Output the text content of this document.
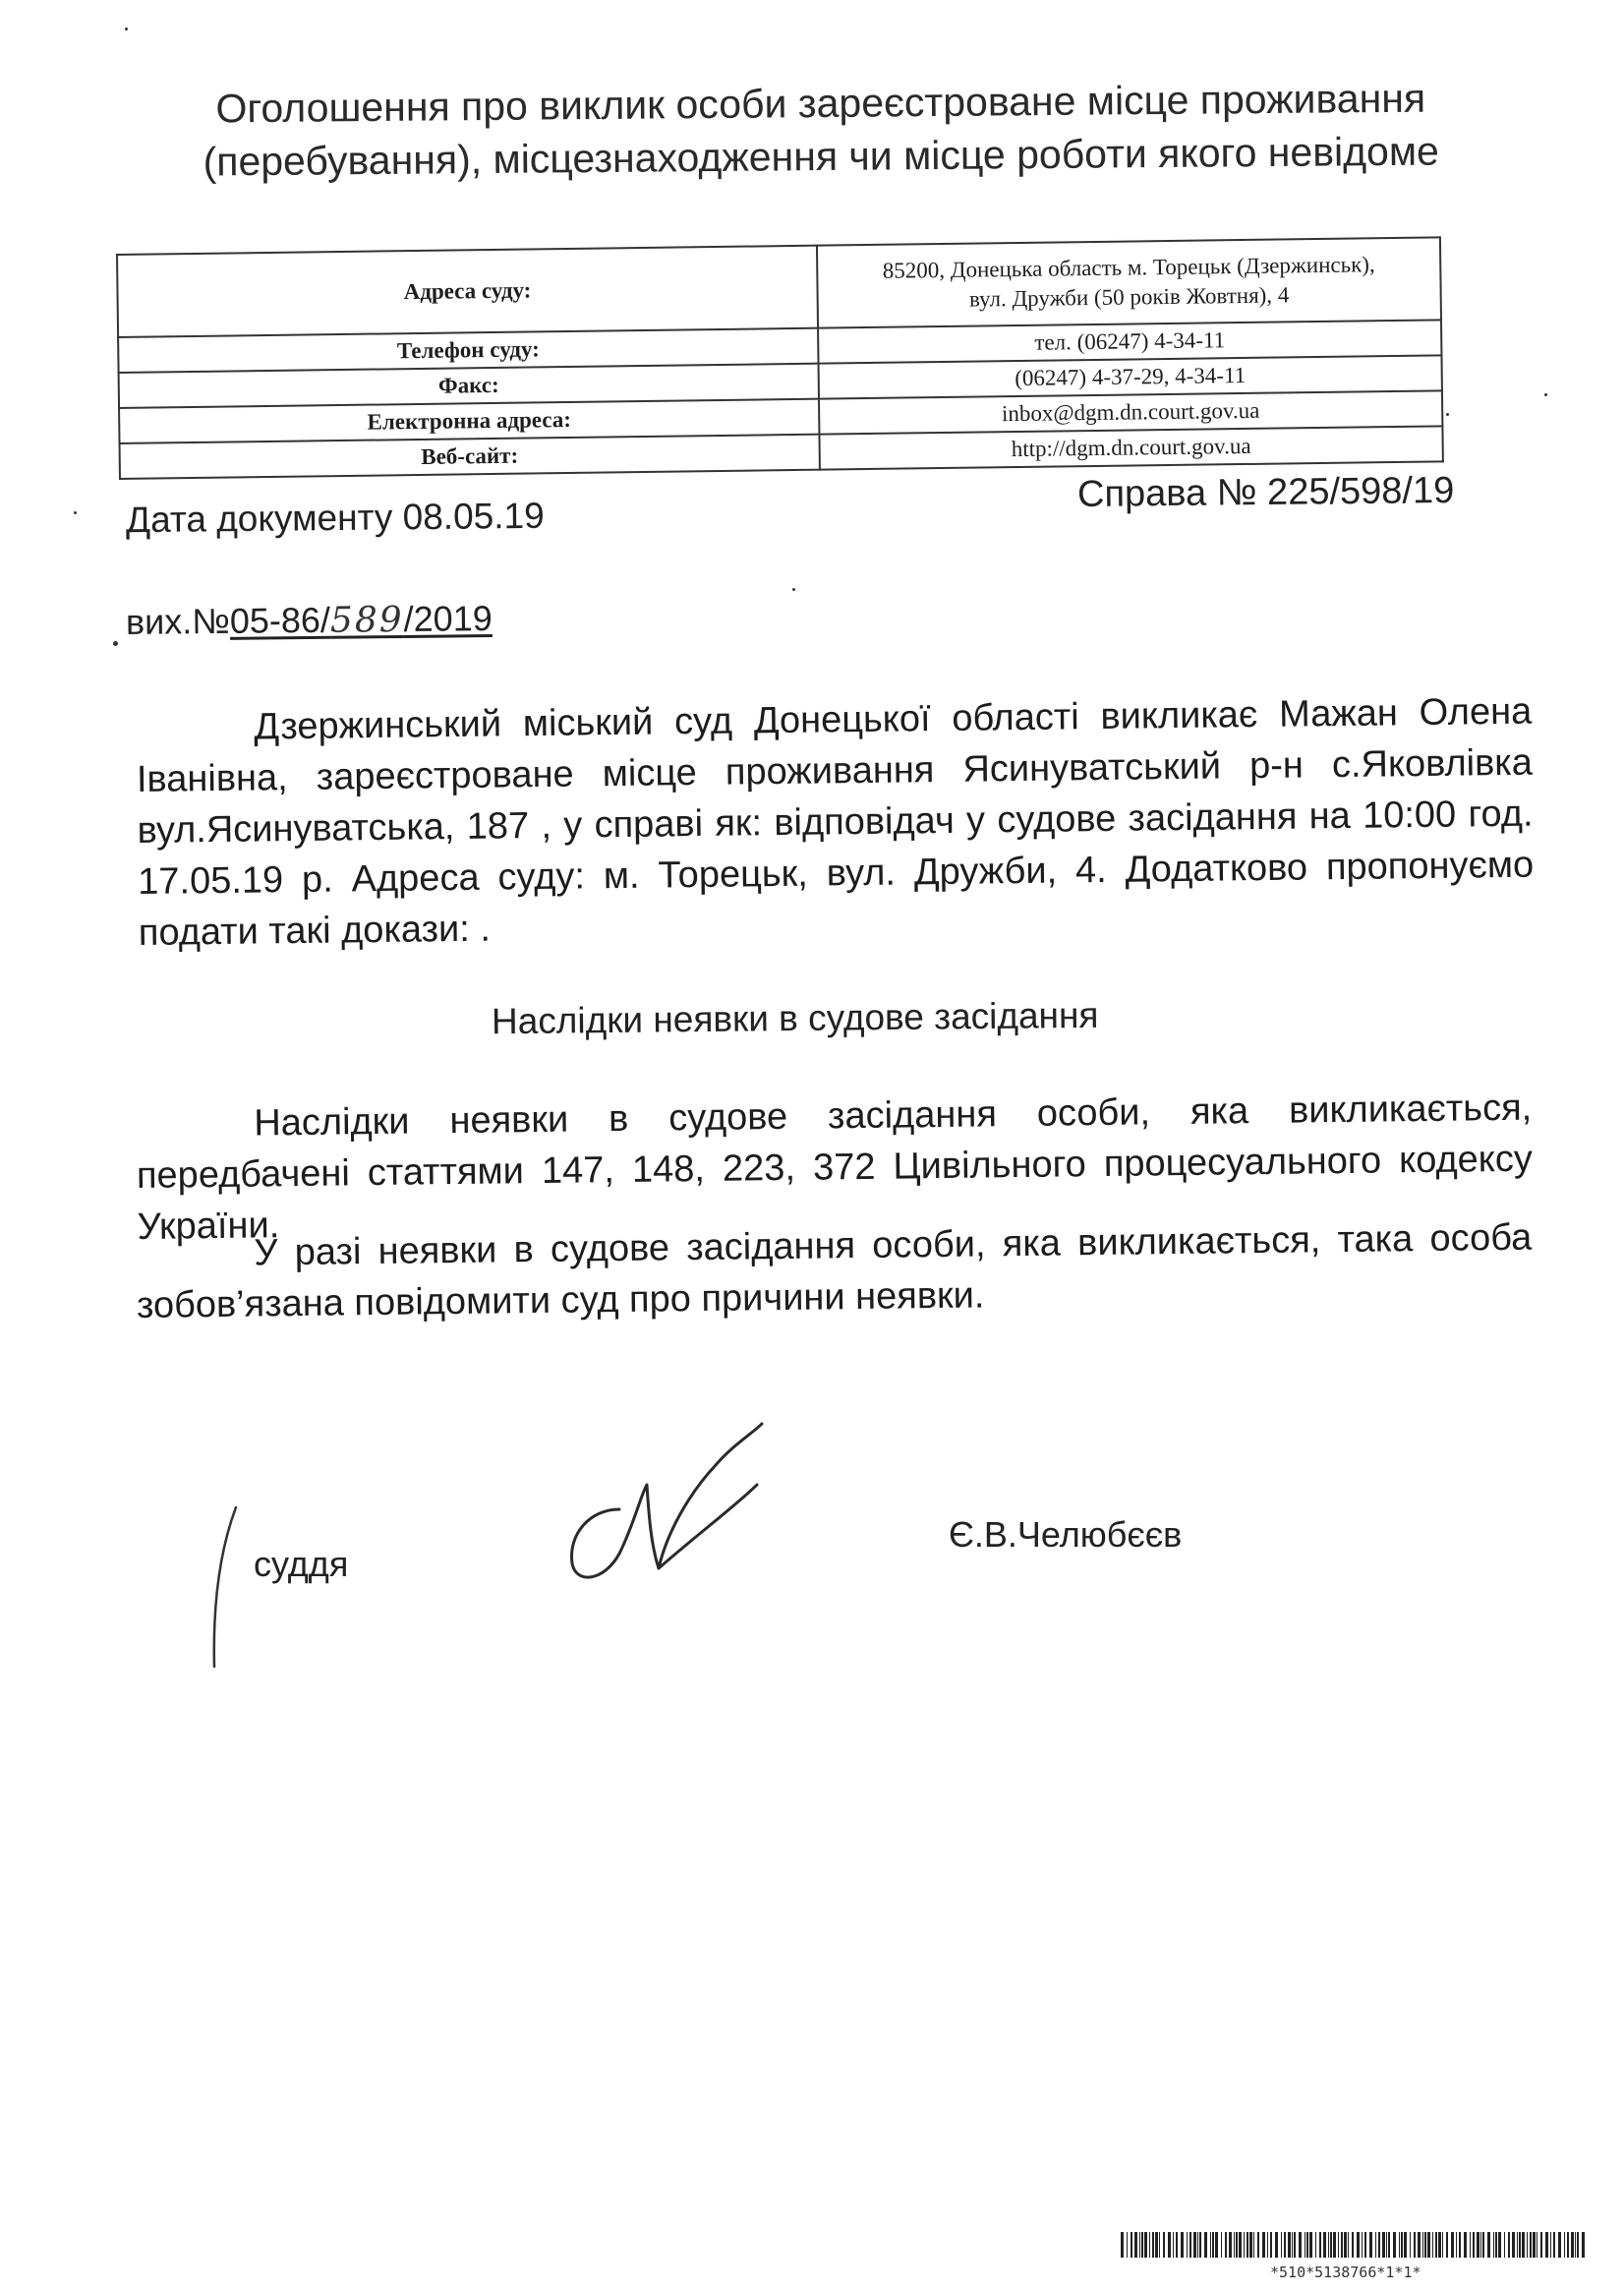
Оголошення про виклик особи зареєстроване місце проживання
(перебування), місцезнаходження чи місце роботи якого невідоме
Адреса суду:	85200, Донецька область м. Торецьк (Дзержинськ),
вул. Дружби (50 років Жовтня), 4

Телефон суду:	тел. (06247) 4-34-11
Факс:	(06247) 4-37-29, 4-34-11
Електронна адреса:	inbox@dgm.dn.court.gov.ua
Веб-сайт:	http://dgm.dn.court.gov.ua
Дата документу 08.05.19
Справа № 225/598/19
вих.№05-86/589/2019

Дзержинський міський суд Донецької області викликає Мажан Олена Іванівна, зареєстроване місце проживання Ясинуватський р-н с.Яковлівка вул.Ясинуватська, 187 , у справі як: відповідач у судове засідання на 10:00 год. 17.05.19 р. Адреса суду: м. Торецьк, вул. Дружби, 4. Додатково пропонуємо подати такі докази: .

Наслідки неявки в судове засідання

Наслідки неявки в судове засідання особи, яка викликається, передбачені статтями 147, 148, 223, 372 Цивільного процесуального кодексу України.

У разі неявки в судове засідання особи, яка викликається, така особа зобов’язана повідомити суд про причини неявки.

суддя
Є.В.Челюбєєв
*510*5138766*1*1*
